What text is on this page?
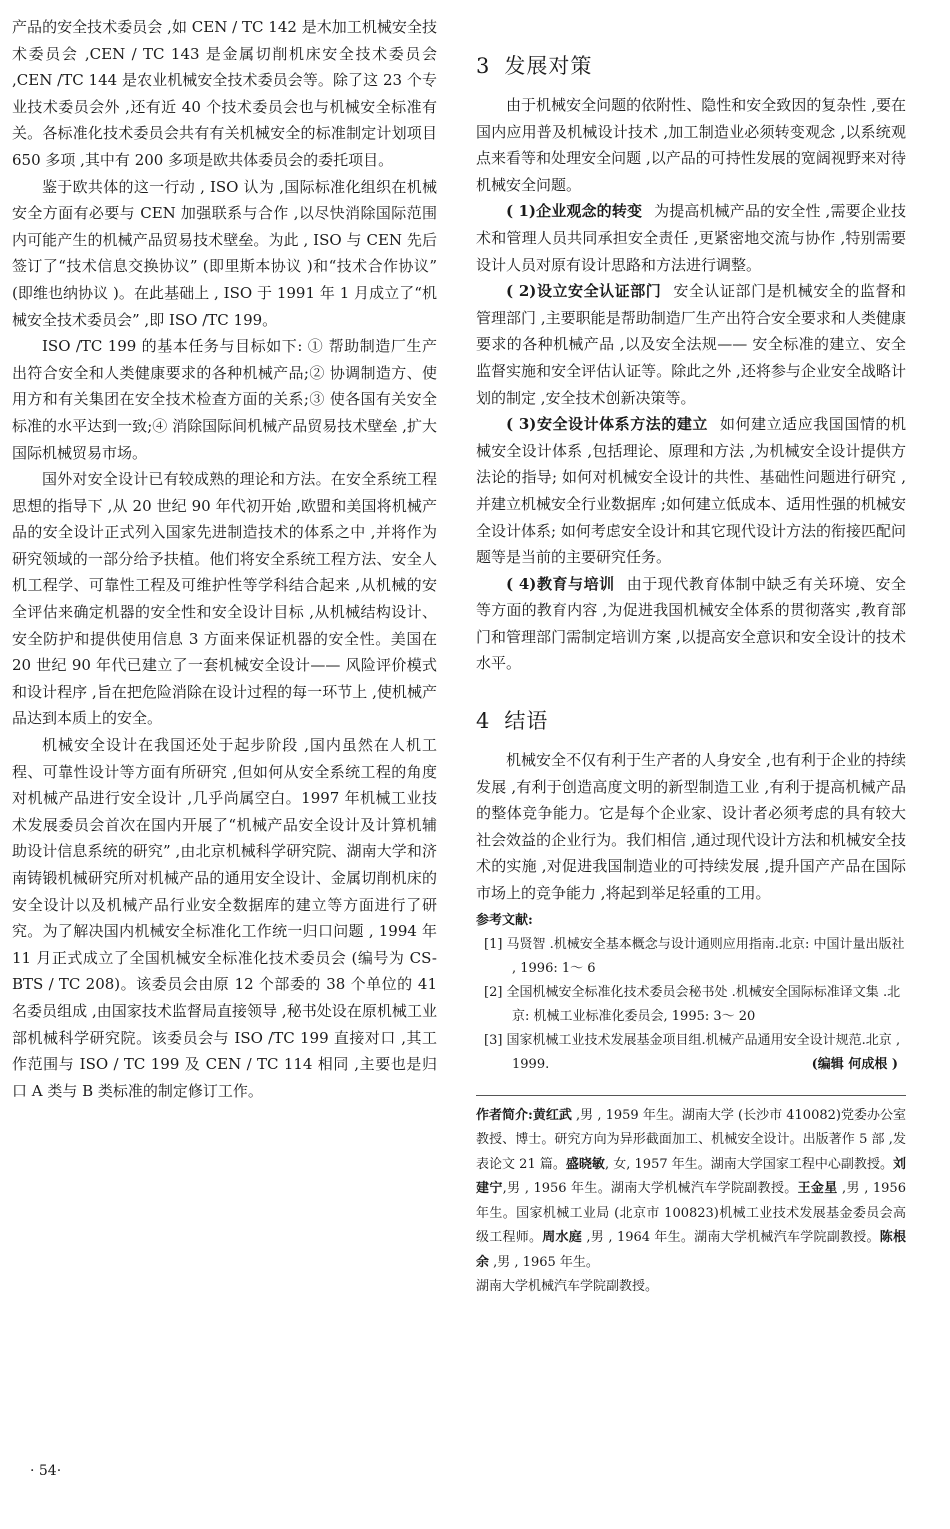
产品的安全技术委员会 ,如 CEN / TC 142 是木加工机械安全技术委员会 ,CEN / TC 143 是金属切削机床安全技术委员会 ,CEN /TC 144 是农业机械安全技术委员会等。除了这 23 个专业技术委员会外 ,还有近 40 个技术委员会也与机械安全标准有关。各标准化技术委员会共有有关机械安全的标准制定计划项目 650 多项 ,其中有 200 多项是欧共体委员会的委托项目。

鉴于欧共体的这一行动 , ISO 认为 ,国际标准化组织在机械安全方面有必要与 CEN 加强联系与合作 ,以尽快消除国际范围内可能产生的机械产品贸易技术壁垒。为此 , ISO 与 CEN 先后签订了“技术信息交换协议” (即里斯本协议 )和“技术合作协议” (即维也纳协议 )。在此基础上 , ISO 于 1991 年 1 月成立了“机械安全技术委员会” ,即 ISO /TC 199。

ISO /TC 199 的基本任务与目标如下: ① 帮助制造厂生产出符合安全和人类健康要求的各种机械产品;② 协调制造方、使用方和有关集团在安全技术检查方面的关系;③ 使各国有关安全标准的水平达到一致;④ 消除国际间机械产品贸易技术壁垒 ,扩大国际机械贸易市场。

国外对安全设计已有较成熟的理论和方法。在安全系统工程思想的指导下 ,从 20 世纪 90 年代初开始 ,欧盟和美国将机械产品的安全设计正式列入国家先进制造技术的体系之中 ,并将作为研究领域的一部分给予扶植。他们将安全系统工程方法、安全人机工程学、可靠性工程及可维护性等学科结合起来 ,从机械的安全评估来确定机器的安全性和安全设计目标 ,从机械结构设计、安全防护和提供使用信息 3 方面来保证机器的安全性。美国在 20 世纪 90 年代已建立了一套机械安全设计—— 风险评价模式和设计程序 ,旨在把危险消除在设计过程的每一环节上 ,使机械产品达到本质上的安全。

机械安全设计在我国还处于起步阶段 ,国内虽然在人机工程、可靠性设计等方面有所研究 ,但如何从安全系统工程的角度对机械产品进行安全设计 ,几乎尚属空白。1997 年机械工业技术发展委员会首次在国内开展了“机械产品安全设计及计算机辅助设计信息系统的研究” ,由北京机械科学研究院、湖南大学和济南铸锻机械研究所对机械产品的通用安全设计、金属切削机床的安全设计以及机械产品行业安全数据库的建立等方面进行了研究。为了解决国内机械安全标准化工作统一归口问题 , 1994 年 11 月正式成立了全国机械安全标准化技术委员会 (编号为 CS-BTS / TC 208)。该委员会由原 12 个部委的 38 个单位的 41 名委员组成 ,由国家技术监督局直接领导 ,秘书处设在原机械工业部机械科学研究院。该委员会与 ISO /TC 199 直接对口 ,其工作范围与 ISO / TC 199 及 CEN / TC 114 相同 ,主要也是归口 A 类与 B 类标准的制定修订工作。

3 发展对策

由于机械安全问题的依附性、隐性和安全致因的复杂性 ,要在国内应用普及机械设计技术 ,加工制造业必须转变观念 ,以系统观点来看等和处理安全问题 ,以产品的可持性发展的宽阔视野来对待机械安全问题。

( 1)企业观念的转变 为提高机械产品的安全性 ,需要企业技术和管理人员共同承担安全责任 ,更紧密地交流与协作 ,特别需要设计人员对原有设计思路和方法进行调整。

( 2)设立安全认证部门 安全认证部门是机械安全的监督和管理部门 ,主要职能是帮助制造厂生产出符合安全要求和人类健康要求的各种机械产品 ,以及安全法规—— 安全标准的建立、安全监督实施和安全评估认证等。除此之外 ,还将参与企业安全战略计划的制定 ,安全技术创新决策等。

( 3)安全设计体系方法的建立 如何建立适应我国国情的机械安全设计体系 ,包括理论、原理和方法 ,为机械安全设计提供方法论的指导; 如何对机械安全设计的共性、基础性问题进行研究 ,并建立机械安全行业数据库 ;如何建立低成本、适用性强的机械安全设计体系; 如何考虑安全设计和其它现代设计方法的衔接匹配问题等是当前的主要研究任务。

( 4)教育与培训 由于现代教育体制中缺乏有关环境、安全等方面的教育内容 ,为促进我国机械安全体系的贯彻落实 ,教育部门和管理部门需制定培训方案 ,以提高安全意识和安全设计的技术水平。

4 结语

机械安全不仅有利于生产者的人身安全 ,也有利于企业的持续发展 ,有利于创造高度文明的新型制造工业 ,有利于提高机械产品的整体竞争能力。它是每个企业家、设计者必须考虑的具有较大社会效益的企业行为。我们相信 ,通过现代设计方法和机械安全技术的实施 ,对促进我国制造业的可持续发展 ,提升国产产品在国际市场上的竞争能力 ,将起到举足轻重的工用。

参考文献:
[1] 马贤智 .机械安全基本概念与设计通则应用指南.北京: 中国计量出版社 , 1996: 1～ 6
[2] 全国机械安全标准化技术委员会秘书处 .机械安全国际标准译文集 .北京: 机械工业标准化委员会, 1995: 3～ 20
[3] 国家机械工业技术发展基金项目组.机械产品通用安全设计规范.北京 , 1999.	(编辑 何成根 )
作者简介:黄红武 ,男 , 1959 年生。湖南大学 (长沙市 410082)党委办公室教授、博士。研究方向为异形截面加工、机械安全设计。出版著作 5 部 ,发表论文 21 篇。盛晓敏, 女, 1957 年生。湖南大学国家工程中心副教授。刘建宁,男 , 1956 年生。湖南大学机械汽车学院副教授。王金星 ,男 , 1956 年生。国家机械工业局 (北京市 100823)机械工业技术发展基金委员会高级工程师。周水庭 ,男 , 1964 年生。湖南大学机械汽车学院副教授。陈根余 ,男 , 1965 年生。
湖南大学机械汽车学院副教授。
· 54·
